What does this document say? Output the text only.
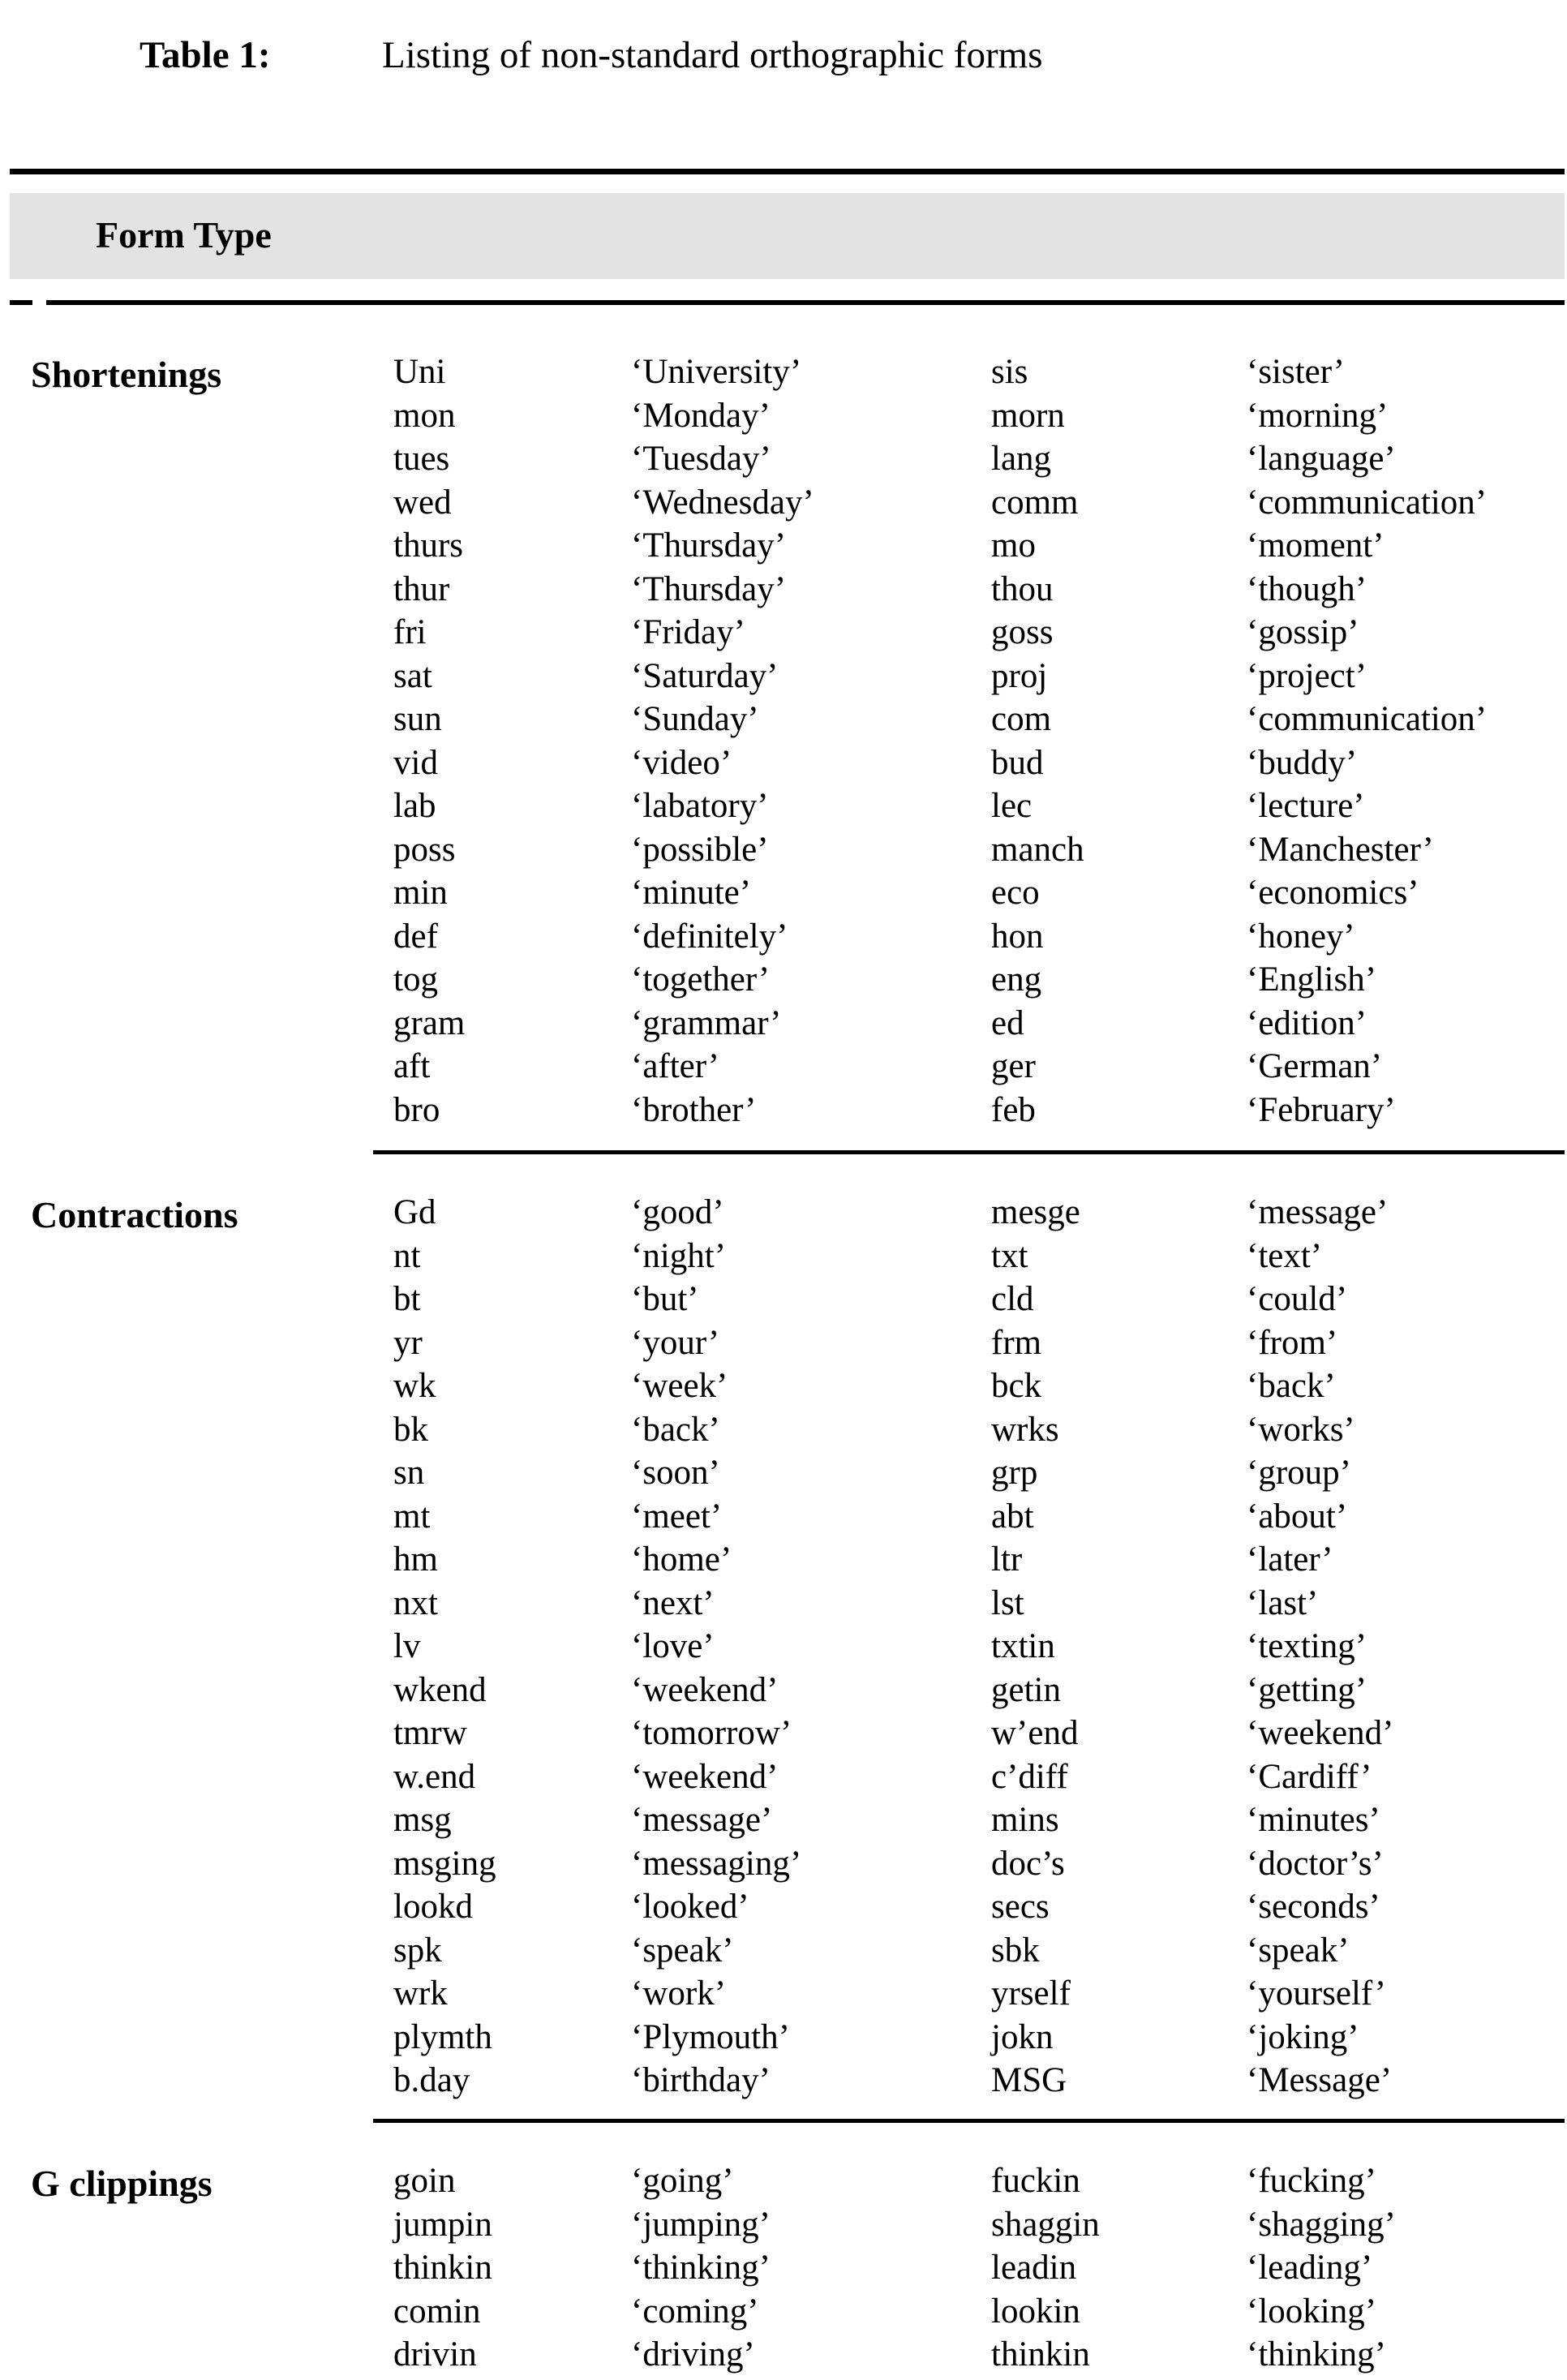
Table 1:	Listing of non-standard orthographic forms
Form Type
Shortenings	Uni	‘University’	sis	‘sister’
mon	‘Monday’	morn	‘morning’
tues	‘Tuesday’	lang	‘language’
wed	‘Wednesday’	comm	‘communication’
thurs	‘Thursday’	mo	‘moment’
thur	‘Thursday’	thou	‘though’
fri	‘Friday’	goss	‘gossip’
sat	‘Saturday’	proj	‘project’
sun	‘Sunday’	com	‘communication’
vid	‘video’	bud	‘buddy’
lab	‘labatory’	lec	‘lecture’
poss	‘possible’	manch	‘Manchester’
min	‘minute’	eco	‘economics’
def	‘definitely’	hon	‘honey’
tog	‘together’	eng	‘English’
gram	‘grammar’	ed	‘edition’
aft	‘after’	ger	‘German’
bro	‘brother’	feb	‘February’
Contractions	Gd	‘good’	mesge	‘message’
nt	‘night’	txt	‘text’
bt	‘but’	cld	‘could’
yr	‘your’	frm	‘from’
wk	‘week’	bck	‘back’
bk	‘back’	wrks	‘works’
sn	‘soon’	grp	‘group’
mt	‘meet’	abt	‘about’
hm	‘home’	ltr	‘later’
nxt	‘next’	lst	‘last’
lv	‘love’	txtin	‘texting’
wkend	‘weekend’	getin	‘getting’
tmrw	‘tomorrow’	w’end	‘weekend’
w.end	‘weekend’	c’diff	‘Cardiff’
msg	‘message’	mins	‘minutes’
msging	‘messaging’	doc’s	‘doctor’s’
lookd	‘looked’	secs	‘seconds’
spk	‘speak’	sbk	‘speak’
wrk	‘work’	yrself	‘yourself’
plymth	‘Plymouth’	jokn	‘joking’
b.day	‘birthday’	MSG	‘Message’
G clippings	goin	‘going’	fuckin	‘fucking’
jumpin	‘jumping’	shaggin	‘shagging’
thinkin	‘thinking’	leadin	‘leading’
comin	‘coming’	lookin	‘looking’
drivin	‘driving’	thinkin	‘thinking’
